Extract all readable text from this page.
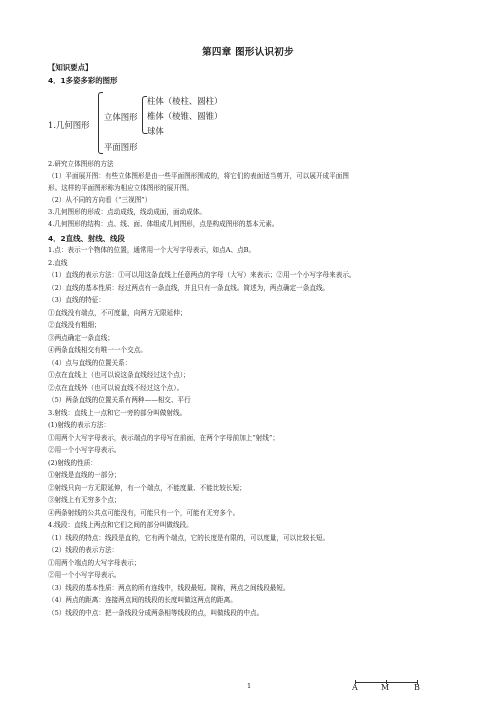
第四章 图形认识初步
【知识要点】
4．1多姿多彩的图形
1.几何图形
立体图形
平面图形
柱体（棱柱、圆柱）
椎体（棱锥、圆锥）
球体
2.研究立体图形的方法
（1）平面展开图：有些立体图形是由一些平面图形围成的，将它们的表面适当剪开，可以展开成平面图
形。这样的平面图形称为相应立体图形的展开图。
（2）从不同的方向看（“三视图”）
3.几何图形的形成：点动成线，线动成面，面动成体。
4.几何图形的结构：点、线、面、体组成几何图形，点是构成图形的基本元素。
4．2直线、射线、线段
1.点：表示一个物体的位置，通常用一个大写字母表示，如点A、点B。
2.直线
（1）直线的表示方法：①可以用这条直线上任意两点的字母（大写）来表示；②用一个小写字母来表示。
（2）直线的基本性质：经过两点有一条直线，并且只有一条直线。简述为，两点确定一条直线。
（3）直线的特征：
①直线没有端点，不可度量，向两方无限延伸；
②直线没有粗细；
③两点确定一条直线；
④两条直线相交有唯一一个交点。
（4）点与直线的位置关系：
①点在直线上（也可以说这条直线经过这个点）；
②点在直线外（也可以说直线不经过这个点）。
（5）两条直线的位置关系有两种——相交、平行
3.射线：直线上一点和它一旁的部分叫做射线。
(1)射线的表示方法：
①用两个大写字母表示，表示端点的字母写在前面，在两个字母前加上“射线”；
②用一个小写字母表示。
(2)射线的性质：
①射线是直线的一部分；
②射线只向一方无限延伸，有一个端点，不能度量、不能比较长短；
③射线上有无穷多个点；
④两条射线的公共点可能没有，可能只有一个，可能有无穷多个。
4.线段：直线上两点和它们之间的部分叫做线段。
（1）线段的特点：线段是直的，它有两个端点，它的长度是有限的，可以度量，可以比较长短。
（2）线段的表示方法：
①用两个端点的大写字母表示；
②用一个小写字母表示。
（3）线段的基本性质：两点的所有连线中，线段最短。简称，两点之间线段最短。
（4）两点的距离：连接两点间的线段的长度叫做这两点的距离。
（5）线段的中点：把一条线段分成两条相等线段的点，叫做线段的中点。
1	A	M	B
